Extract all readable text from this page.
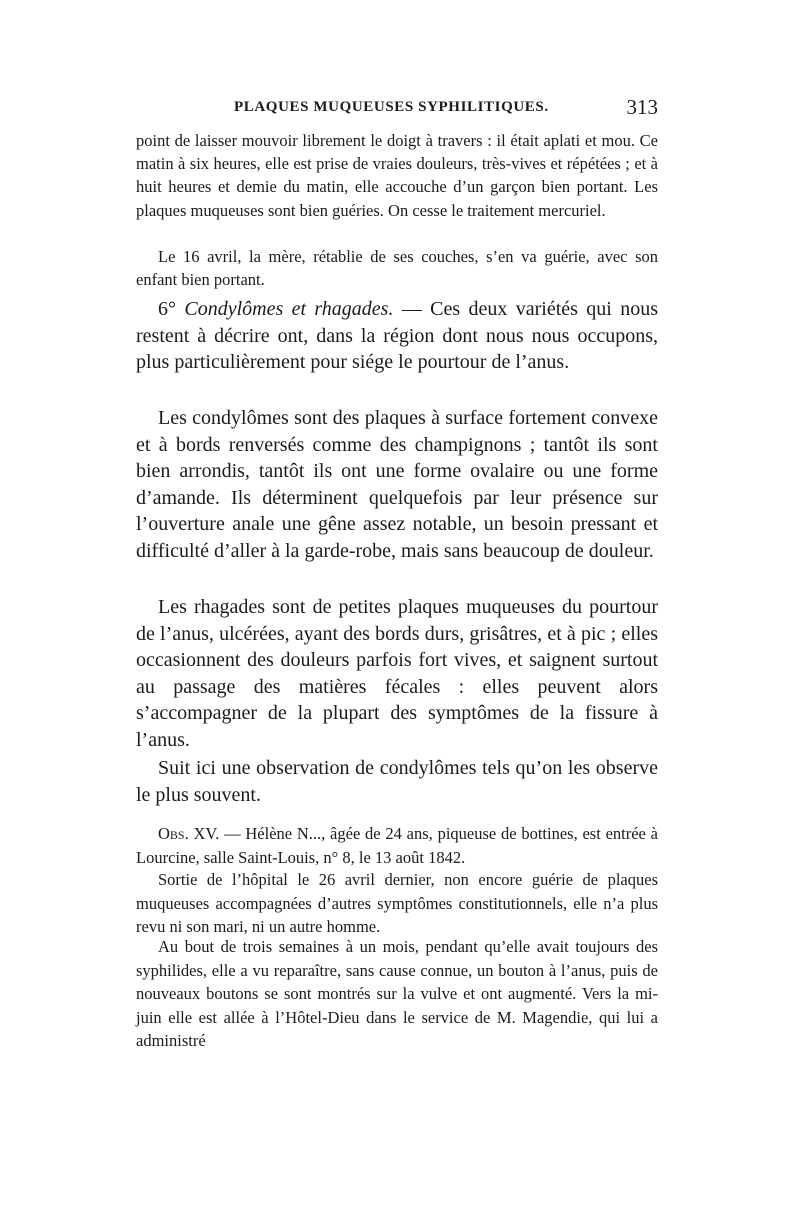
PLAQUES MUQUEUSES SYPHILITIQUES.	313

point de laisser mouvoir librement le doigt à travers : il était aplati et mou. Ce matin à six heures, elle est prise de vraies douleurs, très-vives et répétées ; et à huit heures et demie du matin, elle accouche d’un garçon bien portant. Les plaques muqueuses sont bien guéries. On cesse le traitement mercuriel.

Le 16 avril, la mère, rétablie de ses couches, s’en va guérie, avec son enfant bien portant.

6° Condylômes et rhagades. — Ces deux variétés qui nous restent à décrire ont, dans la région dont nous nous occupons, plus particulièrement pour siége le pourtour de l’anus.

Les condylômes sont des plaques à surface fortement convexe et à bords renversés comme des champignons ; tantôt ils sont bien arrondis, tantôt ils ont une forme ovalaire ou une forme d’amande. Ils déterminent quelquefois par leur présence sur l’ouverture anale une gêne assez notable, un besoin pressant et difficulté d’aller à la garde-robe, mais sans beaucoup de douleur.

Les rhagades sont de petites plaques muqueuses du pourtour de l’anus, ulcérées, ayant des bords durs, grisâtres, et à pic ; elles occasionnent des douleurs parfois fort vives, et saignent surtout au passage des matières fécales : elles peuvent alors s’accompagner de la plupart des symptômes de la fissure à l’anus.

Suit ici une observation de condylômes tels qu’on les observe le plus souvent.

Obs. XV. — Hélène N..., âgée de 24 ans, piqueuse de bottines, est entrée à Lourcine, salle Saint-Louis, n° 8, le 13 août 1842.

Sortie de l’hôpital le 26 avril dernier, non encore guérie de plaques muqueuses accompagnées d’autres symptômes constitutionnels, elle n’a plus revu ni son mari, ni un autre homme.

Au bout de trois semaines à un mois, pendant qu’elle avait toujours des syphilides, elle a vu reparaître, sans cause connue, un bouton à l’anus, puis de nouveaux boutons se sont montrés sur la vulve et ont augmenté. Vers la mi-juin elle est allée à l’Hôtel-Dieu dans le service de M. Magendie, qui lui a administré
